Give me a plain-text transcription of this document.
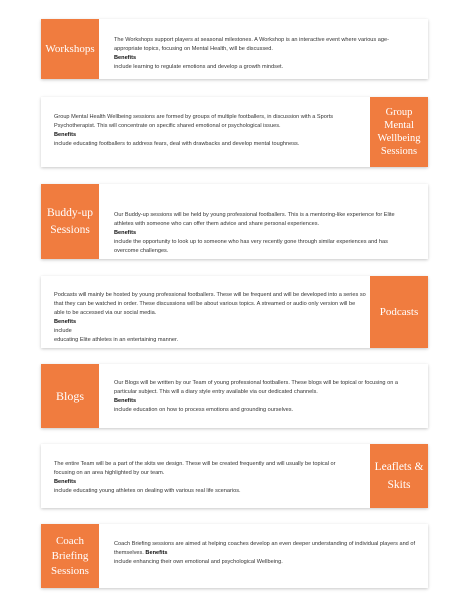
Workshops

The Workshops support players at seasonal milestones. A Workshop is an interactive event where various age-appropriate topics, focusing on Mental Health, will be discussed.

Benefits

include learning to regulate emotions and develop a growth mindset.

Group Mental Health Wellbeing sessions are formed by groups of multiple footballers, in discussion with a Sports Psychotherapist. This will concentrate on specific shared emotional or psychological issues.

Benefits

include educating footballers to address fears, deal with drawbacks and develop mental toughness.

Group Mental Wellbeing Sessions
Buddy-up Sessions

Our Buddy-up sessions will be held by young professional footballers. This is a mentoring-like experience for Elite athletes with someone who can offer them advice and share personal experiences.

Benefits

include the opportunity to look up to someone who has very recently gone through similar experiences and has overcome challenges.

Podcasts will mainly be hosted by young professional footballers. These will be frequent and will be developed into a series so that they can be watched in order. These discussions will be about various topics. A streamed or audio only version will be able to be accessed via our social media.

Benefits

include

educating Elite athletes in an entertaining manner.

Podcasts
Blogs

Our Blogs will be written by our Team of young professional footballers. These blogs will be topical or focusing on a particular subject. This will a diary style entry available via our dedicated channels.

Benefits

include education on how to process emotions and grounding ourselves.

The entire Team will be a part of the skits we design. These will be created frequently and will usually be topical or focusing on an area highlighted by our team.

Benefits

include educating young athletes on dealing with various real life scenarios.

Leaflets & Skits
Coach Briefing Sessions

Coach Briefing sessions are aimed at helping coaches develop an even deeper understanding of individual players and of themselves. Benefits

include enhancing their own emotional and psychological Wellbeing.
